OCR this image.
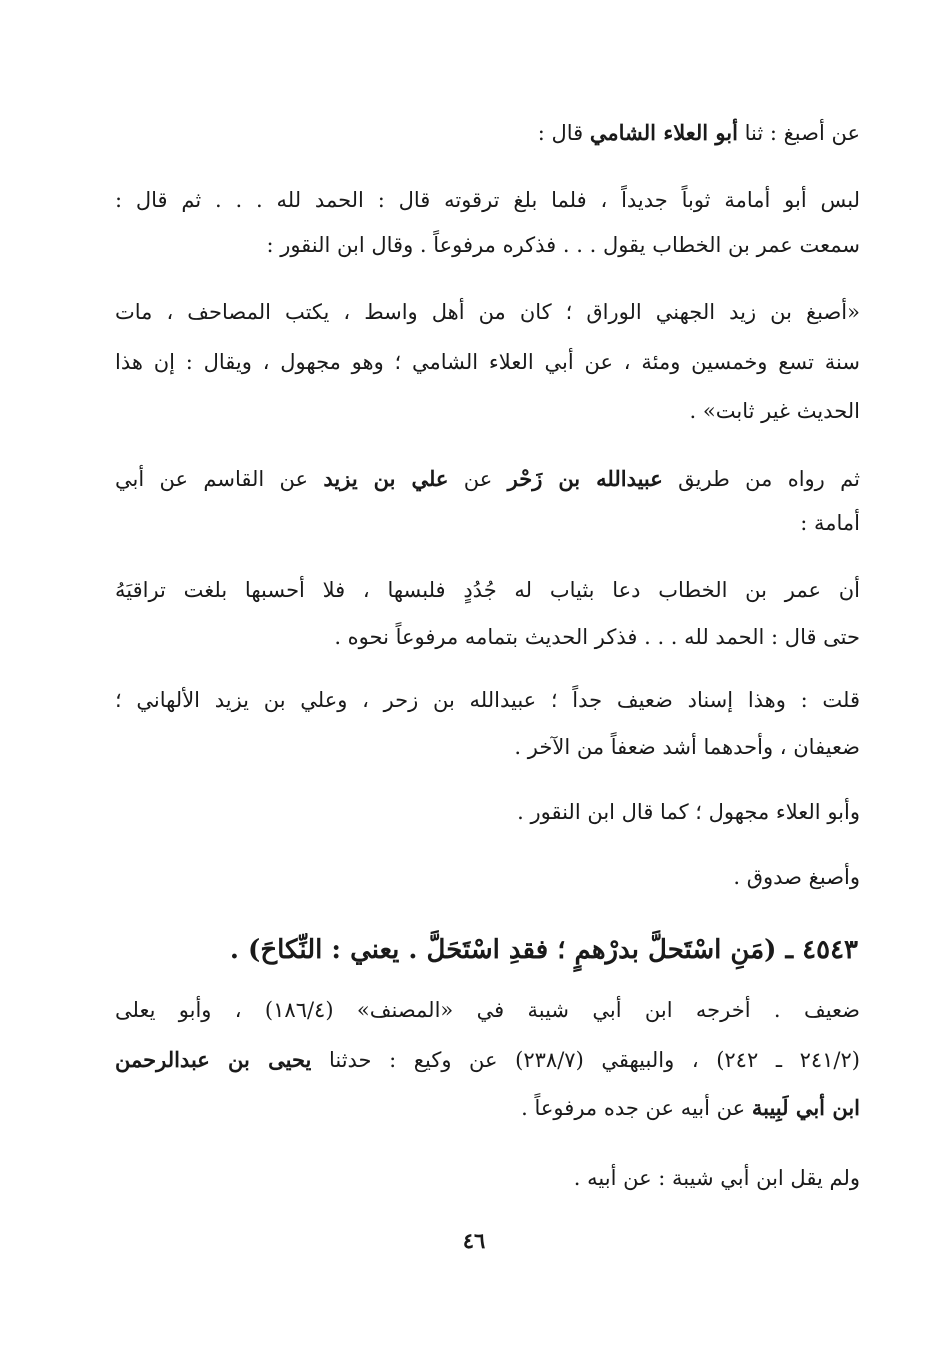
عن أصبغ : ثنا أبو العلاء الشامي قال :
لبس أبو أمامة ثوباً جديداً ، فلما بلغ ترقوته قال : الحمد لله . . . ثم قال :
سمعت عمر بن الخطاب يقول . . . فذكره مرفوعاً . وقال ابن النقور :
«أصبغ بن زيد الجهني الوراق ؛ كان من أهل واسط ، يكتب المصاحف ، مات
سنة تسع وخمسين ومئة ، عن أبي العلاء الشامي ؛ وهو مجهول ، ويقال : إن هذا
الحديث غير ثابت» .
ثم رواه من طريق عبيدالله بن زَحْر عن علي بن يزيد عن القاسم عن أبي
أمامة :
أن عمر بن الخطاب دعا بثياب له جُدُدٍ فلبسها ، فلا أحسبها بلغت تراقيَهُ
حتى قال : الحمد لله . . . فذكر الحديث بتمامه مرفوعاً نحوه .
قلت : وهذا إسناد ضعيف جداً ؛ عبيدالله بن زحر ، وعلي بن يزيد الألهاني ؛
ضعيفان ، وأحدهما أشد ضعفاً من الآخر .
وأبو العلاء مجهول ؛ كما قال ابن النقور .
وأصبغ صدوق .
٤٥٤٣ ـ (مَنِ اسْتَحلَّ بدرْهمٍ ؛ فقدِ اسْتَحَلَّ . يعني : النِّكاحَ) .
ضعيف . أخرجه ابن أبي شيبة في «المصنف» (١٨٦/٤) ، وأبو يعلى
(٢٤١/٢ ـ ٢٤٢) ، والبيهقي (٢٣٨/٧) عن وكيع : حدثنا يحيى بن عبدالرحمن
ابن أبي لَبِيبة عن أبيه عن جده مرفوعاً .
ولم يقل ابن أبي شيبة : عن أبيه .
٤٦
